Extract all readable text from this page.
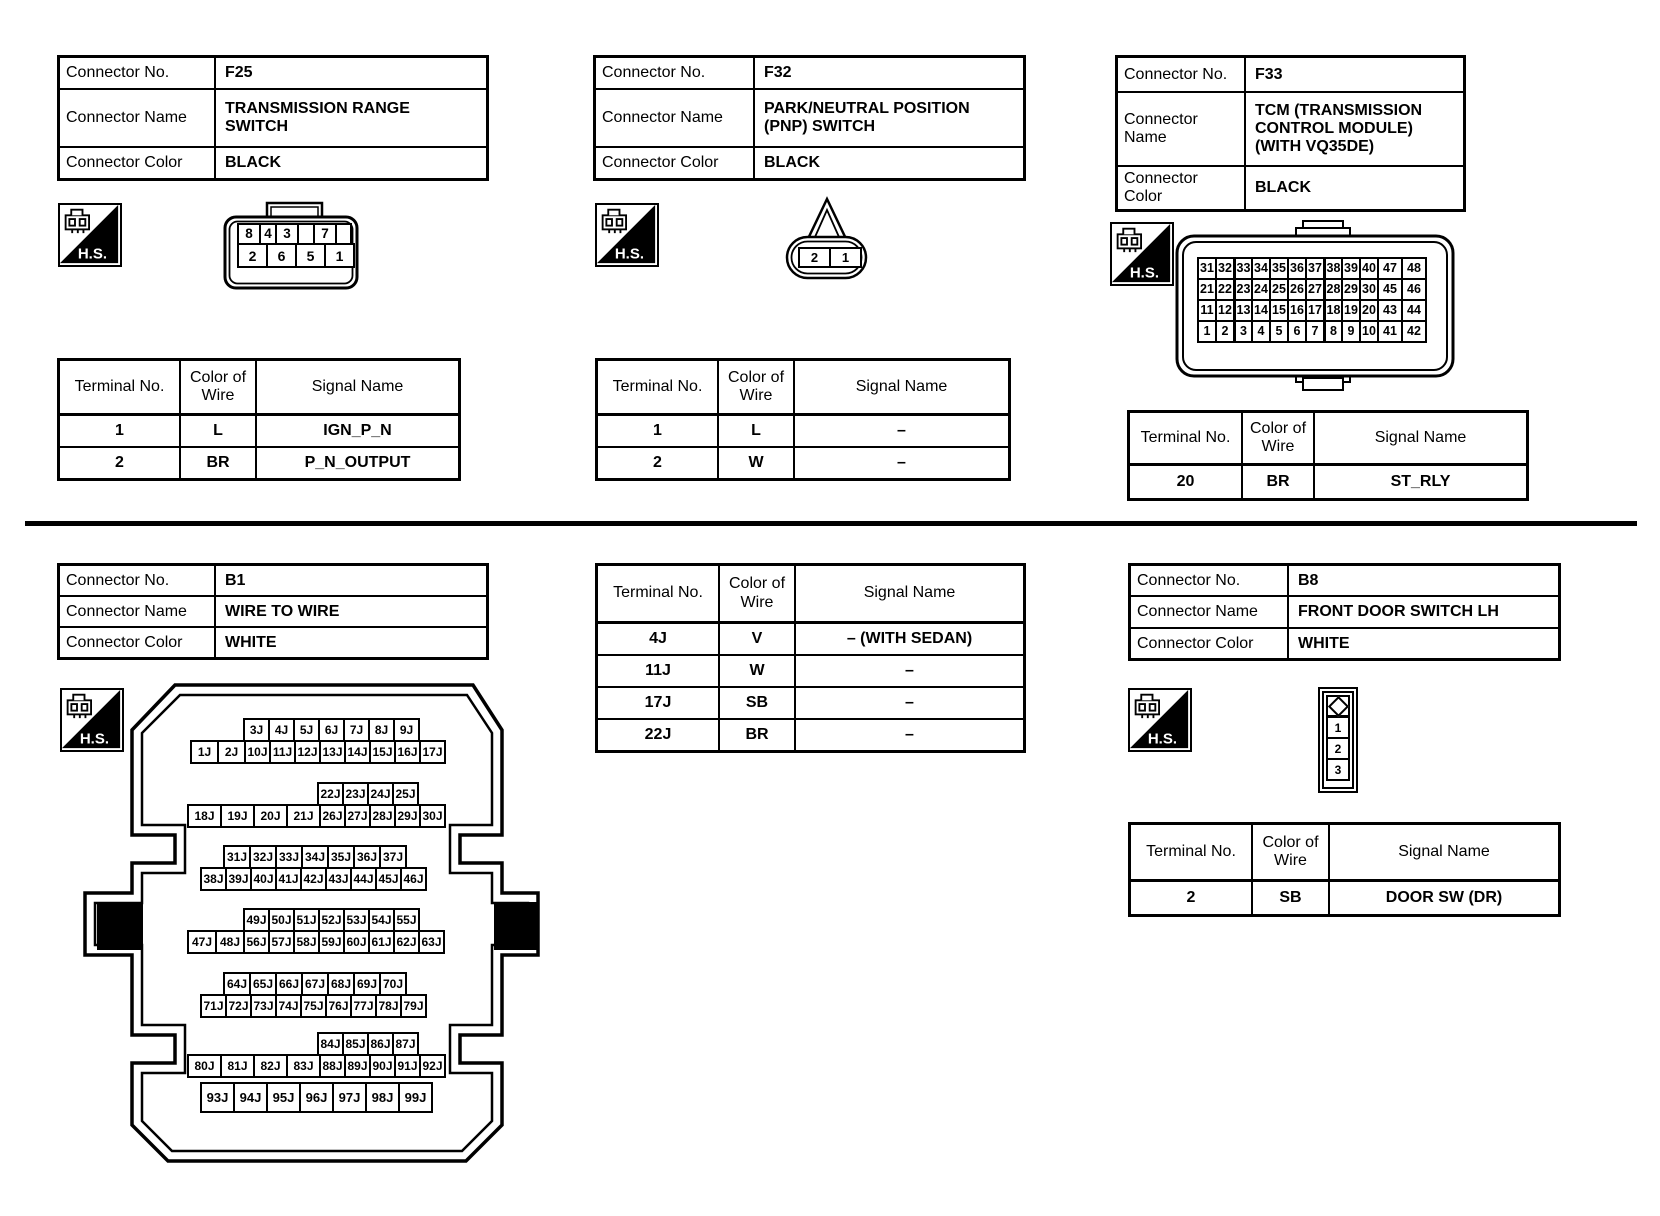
Connector No.	F25
Connector Name
TRANSMISSION RANGE SWITCH
Connector Color	BLACK
H.S.
8 4 3	7
2	6	5	1
Terminal No.
Color of Wire
Signal Name
1	L	IGN_P_N
2	BR	P_N_OUTPUT
Connector No.	F32
Connector Name
PARK/NEUTRAL POSITION (PNP) SWITCH
Connector Color	BLACK
H.S.	2	1
Terminal No.
Color of Wire
Signal Name
1	L	–
2	W	–
Connector No.	F33
Connector Name
TCM (TRANSMISSION CONTROL MODULE) (WITH VQ35DE)
Connector Color
BLACK
H.S.	31 32 33 34 35 36 37 38 39 40 47 48
21 22 23 24 25 26 27 28 29 30 45 46
11 12 13 14 15 16 17 18 19 20 43 44
1 2 3 4 5 6 7 8 9 10 41 42
Terminal No.
Color of Wire
Signal Name
20	BR	ST_RLY
Connector No.	B1
Connector Name	WIRE TO WIRE
Connector Color	WHITE
H.S.
3J 4J 5J 6J 7J 8J 9J
1J	2J 10J 11J 12J 13J 14J 15J 16J 17J
22J 23J 24J 25J
18J	19J	20J	21J 26J 27J 28J 29J 30J
31J 32J 33J 34J 35J 36J 37J
38J 39J 40J 41J 42J 43J 44J 45J 46J
49J 50J 51J 52J 53J 54J 55J
47J 48J 56J 57J 58J 59J 60J 61J 62J 63J
64J 65J 66J 67J 68J 69J 70J
71J 72J 73J 74J 75J 76J 77J 78J 79J
84J 85J 86J 87J
80J	81J	82J	83J 88J 89J 90J 91J 92J
93J 94J 95J 96J 97J 98J 99J
Terminal No.
Color of Wire
Signal Name
4J	V	– (WITH SEDAN)
11J	W	–
17J	SB	–
22J	BR	–
Connector No.	B8
Connector Name	FRONT DOOR SWITCH LH
Connector Color	WHITE
H.S.
1
2
3
Terminal No.
Color of Wire
Signal Name
2	SB	DOOR SW (DR)
